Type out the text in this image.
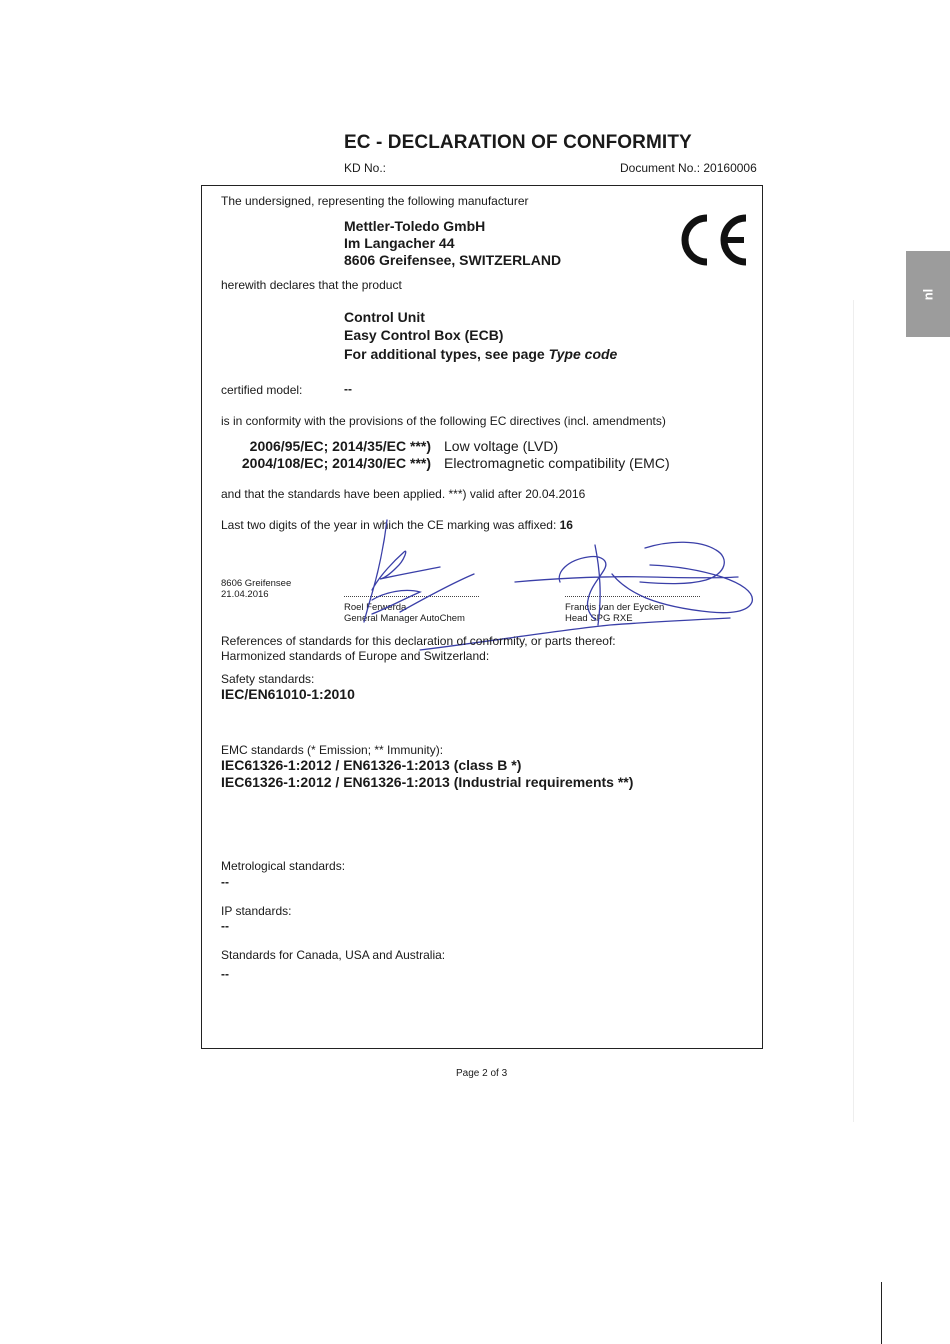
EC - DECLARATION OF CONFORMITY
KD No.:	Document No.: 20160006
nl
The undersigned, representing the following manufacturer
Mettler-Toledo GmbH
Im Langacher 44
8606 Greifensee, SWITZERLAND
herewith declares that the product
Control Unit
Easy Control Box (ECB)
For additional types, see page Type code
certified model:	--
is in conformity with the provisions of the following EC directives (incl. amendments)
2006/95/EC; 2014/35/EC ***) Low voltage (LVD)
2004/108/EC; 2014/30/EC ***) Electromagnetic compatibility (EMC)
and that the standards have been applied. ***) valid after 20.04.2016
Last two digits of the year in which the CE marking was affixed: 16
8606 Greifensee
21.04.2016
Roel Ferwerda
General Manager AutoChem
Francis van der Eycken
Head SPG RXE
References of standards for this declaration of conformity, or parts thereof:
Harmonized standards of Europe and Switzerland:
Safety standards:
IEC/EN61010-1:2010
EMC standards (* Emission; ** Immunity):
IEC61326-1:2012 / EN61326-1:2013 (class B *)
IEC61326-1:2012 / EN61326-1:2013 (Industrial requirements **)
Metrological standards:
--
IP standards:
--
Standards for Canada, USA and Australia:
--
Page 2 of 3
